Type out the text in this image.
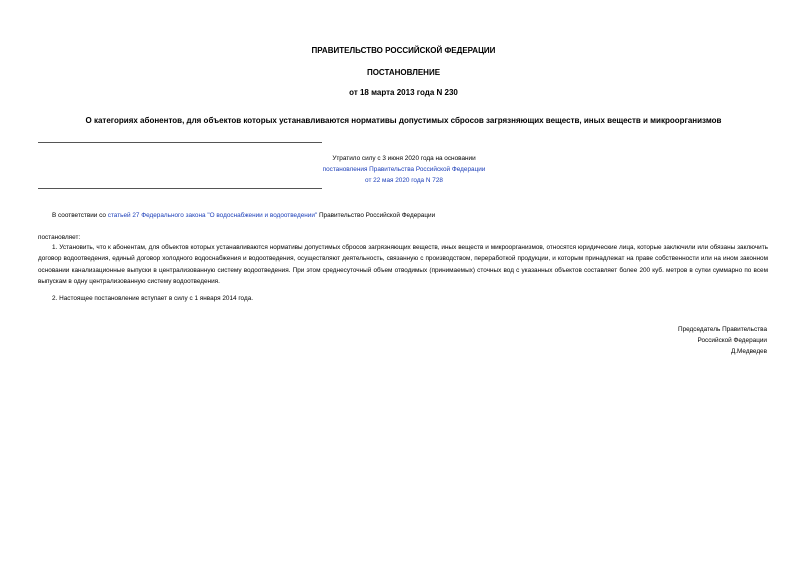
ПРАВИТЕЛЬСТВО РОССИЙСКОЙ ФЕДЕРАЦИИ
ПОСТАНОВЛЕНИЕ
от 18 марта 2013 года N 230
О категориях абонентов, для объектов которых устанавливаются нормативы допустимых сбросов загрязняющих веществ, иных веществ и микроорганизмов
Утратило силу с 3 июня 2020 года на основании
постановления Правительства Российской Федерации
от 22 мая 2020 года N 728
В соответствии со статьей 27 Федерального закона "О водоснабжении и водоотведении" Правительство Российской Федерации
постановляет:
1. Установить, что к абонентам, для объектов которых устанавливаются нормативы допустимых сбросов загрязняющих веществ, иных веществ и микроорганизмов, относятся юридические лица, которые заключили или обязаны заключить договор водоотведения, единый договор холодного водоснабжения и водоотведения, осуществляют деятельность, связанную с производством, переработкой продукции, и которым принадлежат на праве собственности или на ином законном основании канализационные выпуски в централизованную систему водоотведения. При этом среднесуточный объем отводимых (принимаемых) сточных вод с указанных объектов составляет более 200 куб. метров в сутки суммарно по всем выпускам в одну централизованную систему водоотведения.
2. Настоящее постановление вступает в силу с 1 января 2014 года.
Председатель Правительства
Российской Федерации
Д.Медведев
